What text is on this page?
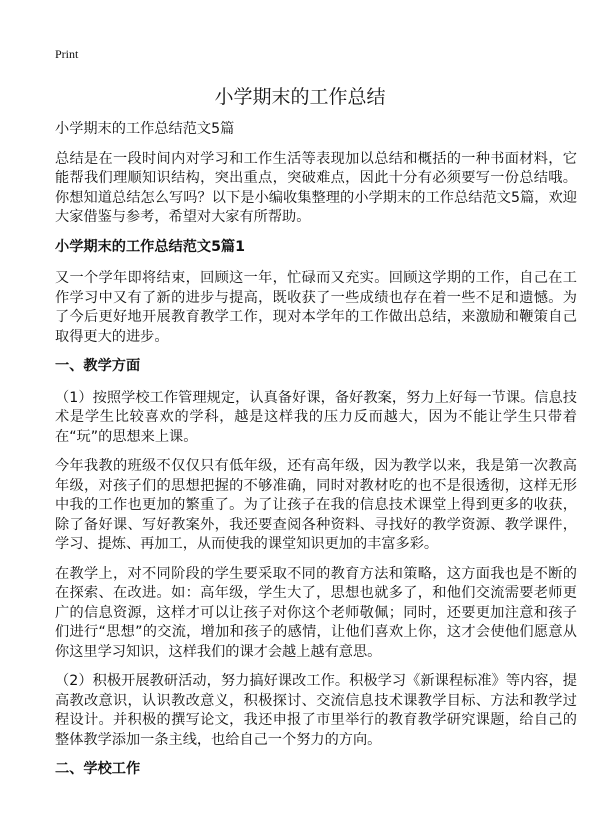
Print
小学期末的工作总结

小学期末的工作总结范文5篇

总结是在一段时间内对学习和工作生活等表现加以总结和概括的一种书面材料，它能帮我们理顺知识结构，突出重点，突破难点，因此十分有必须要写一份总结哦。你想知道总结怎么写吗？以下是小编收集整理的小学期末的工作总结范文5篇，欢迎大家借鉴与参考，希望对大家有所帮助。

小学期末的工作总结范文5篇1

又一个学年即将结束，回顾这一年，忙碌而又充实。回顾这学期的工作，自己在工作学习中又有了新的进步与提高，既收获了一些成绩也存在着一些不足和遗憾。为了今后更好地开展教育教学工作，现对本学年的工作做出总结，来激励和鞭策自己取得更大的进步。

一、教学方面

（1）按照学校工作管理规定，认真备好课，备好教案，努力上好每一节课。信息技术是学生比较喜欢的学科，越是这样我的压力反而越大，因为不能让学生只带着在“玩”的思想来上课。

今年我教的班级不仅仅只有低年级，还有高年级，因为教学以来，我是第一次教高年级，对孩子们的思想把握的不够准确，同时对教材吃的也不是很透彻，这样无形中我的工作也更加的繁重了。为了让孩子在我的信息技术课堂上得到更多的收获，除了备好课、写好教案外，我还要查阅各种资料、寻找好的教学资源、教学课件，学习、提炼、再加工，从而使我的课堂知识更加的丰富多彩。

在教学上，对不同阶段的学生要采取不同的教育方法和策略，这方面我也是不断的在探索、在改进。如：高年级，学生大了，思想也就多了，和他们交流需要老师更广的信息资源，这样才可以让孩子对你这个老师敬佩；同时，还要更加注意和孩子们进行“思想”的交流，增加和孩子的感情，让他们喜欢上你，这才会使他们愿意从你这里学习知识，这样我们的课才会越上越有意思。

（2）积极开展教研活动，努力搞好课改工作。积极学习《新课程标准》等内容，提高教改意识，认识教改意义，积极探讨、交流信息技术课教学目标、方法和教学过程设计。并积极的撰写论文，我还申报了市里举行的教育教学研究课题，给自己的整体教学添加一条主线，也给自己一个努力的方向。

二、学校工作
